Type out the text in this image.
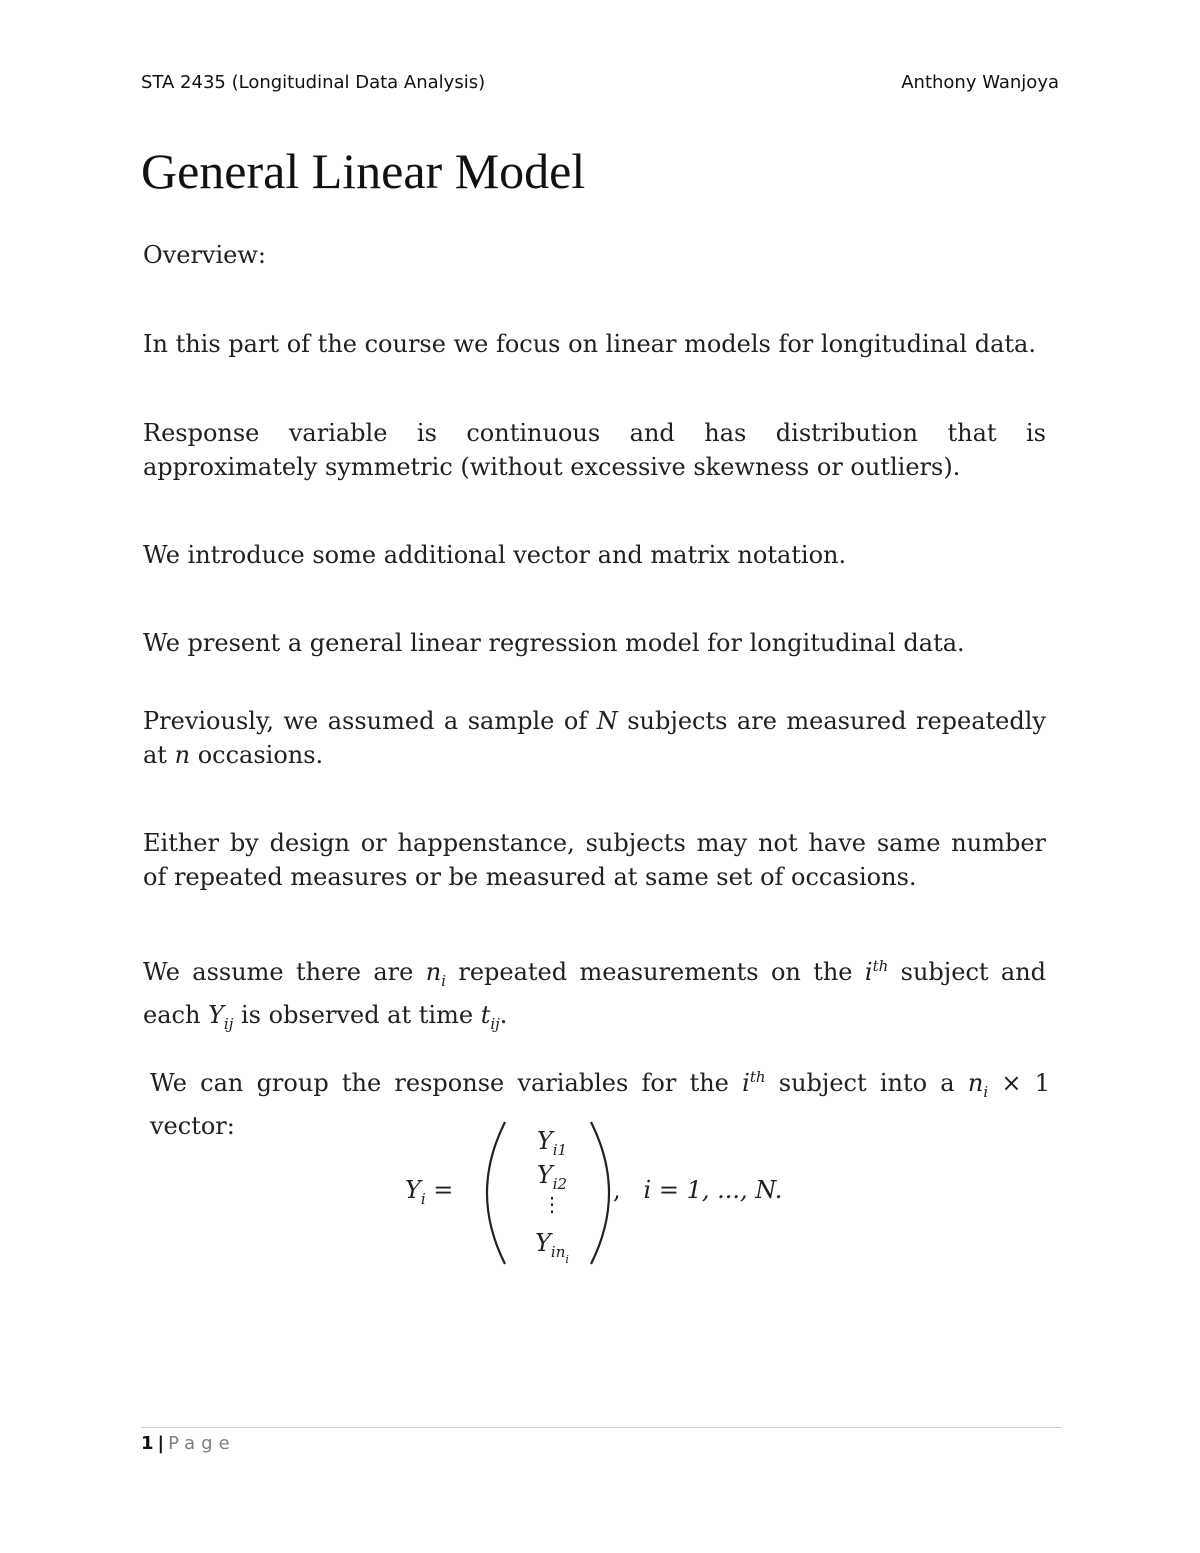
STA 2435 (Longitudinal Data Analysis)	Anthony Wanjoya
General Linear Model

Overview:

In this part of the course we focus on linear models for longitudinal data.

Response variable is continuous and has distribution that is
approximately symmetric (without excessive skewness or outliers).

We introduce some additional vector and matrix notation.

We present a general linear regression model for longitudinal data.

Previously, we assumed a sample of N subjects are measured repeatedly
at n occasions.

Either by design or happenstance, subjects may not have same number
of repeated measures or be measured at same set of occasions.

We assume there are $n_i$ repeated measurements on the $i^{th}$ subject and
each $Y_{ij}$ is observed at time $t_{ij}$.

We can group the response variables for the $i^{th}$ subject into a $n_i \times 1$
vector:

$Y_i$ =
$Y_{i1}$
$Y_{i2}$
⋮
$Y_{in_i}$
, i = 1, ..., N.
1 | Page
